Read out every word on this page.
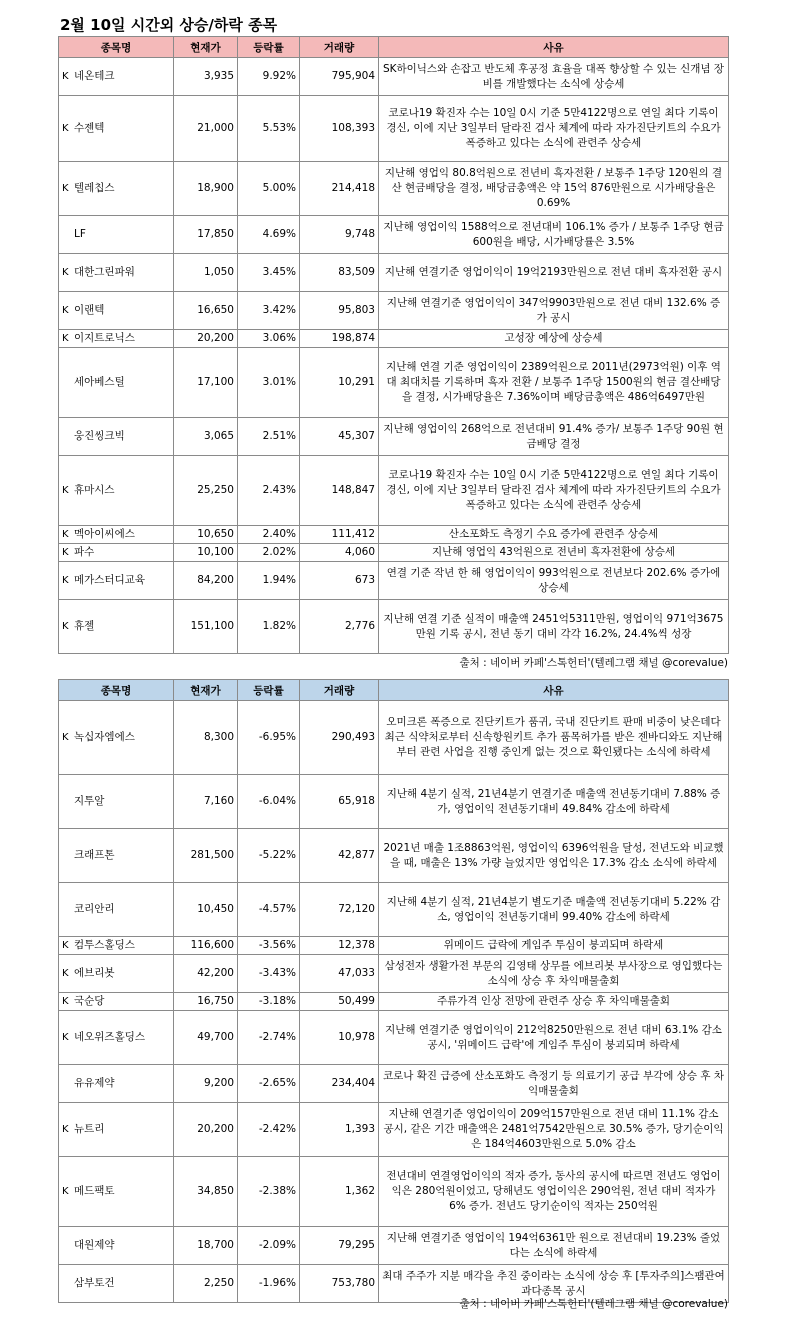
2월 10일 시간외 상승/하락 종목
종목명	현재가	등락률	거래량	사유
K 네온테크	3,935	9.92%	795,904	SK하이닉스와 손잡고 반도체 후공정 효율을 대폭 향상할 수 있는 신개념 장비를 개발했다는 소식에 상승세
K 수젠텍	21,000	5.53%	108,393	코로나19 확진자 수는 10일 0시 기준 5만4122명으로 연일 최다 기록이 경신, 이에 지난 3일부터 달라진 검사 체계에 따라 자가진단키트의 수요가 폭증하고 있다는 소식에 관련주 상승세
K 텔레칩스	18,900	5.00%	214,418	지난해 영업익 80.8억원으로 전년비 흑자전환 / 보통주 1주당 120원의 결산 현금배당을 결정, 배당금총액은 약 15억 876만원으로 시가배당율은 0.69%
LF	17,850	4.69%	9,748	지난해 영업이익 1588억으로 전년대비 106.1% 증가 / 보통주 1주당 현금 600원을 배당, 시가배당률은 3.5%
K 대한그린파워	1,050	3.45%	83,509	지난해 연결기준 영업이익이 19억2193만원으로 전년 대비 흑자전환 공시
K 이랜텍	16,650	3.42%	95,803	지난해 연결기준 영업이익이 347억9903만원으로 전년 대비 132.6% 증가 공시
K 이지트로닉스	20,200	3.06%	198,874	고성장 예상에 상승세
세아베스틸	17,100	3.01%	10,291	지난해 연결 기준 영업이익이 2389억원으로 2011년(2973억원) 이후 역대 최대치를 기록하며 흑자 전환 / 보통주 1주당 1500원의 현금 결산배당을 결정, 시가배당율은 7.36%이며 배당금총액은 486억6497만원
웅진씽크빅	3,065	2.51%	45,307	지난해 영업이익 268억으로 전년대비 91.4% 증가/ 보통주 1주당 90원 현금배당 결정
K 휴마시스	25,250	2.43%	148,847	코로나19 확진자 수는 10일 0시 기준 5만4122명으로 연일 최다 기록이 경신, 이에 지난 3일부터 달라진 검사 체계에 따라 자가진단키트의 수요가 폭증하고 있다는 소식에 관련주 상승세
K 멕아이씨에스	10,650	2.40%	111,412	산소포화도 측정기 수요 증가에 관련주 상승세
K 파수	10,100	2.02%	4,060	지난해 영업익 43억원으로 전년비 흑자전환에 상승세
K 메가스터디교육	84,200	1.94%	673	연결 기준 작년 한 해 영업이익이 993억원으로 전년보다 202.6% 증가에 상승세
K 휴젤	151,100	1.82%	2,776	지난해 연결 기준 실적이 매출액 2451억5311만원, 영업이익 971억3675만원 기록 공시, 전년 동기 대비 각각 16.2%, 24.4%씩 성장
출처 : 네이버 카페'스톡헌터'(텔레그램 채널 @corevalue)
종목명	현재가	등락률	거래량	사유
K 녹십자엠에스	8,300	-6.95%	290,493	오미크론 폭증으로 진단키트가 품귀, 국내 진단키트 판매 비중이 낮은데다 최근 식약처로부터 신속항원키트 추가 품목허가를 받은 젠바디와도 지난해부터 관련 사업을 진행 중인게 없는 것으로 확인됐다는 소식에 하락세
지투알	7,160	-6.04%	65,918	지난해 4분기 실적, 21년4분기 연결기준 매출액 전년동기대비 7.88% 증가, 영업이익 전년동기대비 49.84% 감소에 하락세
크래프톤	281,500	-5.22%	42,877	2021년 매출 1조8863억원, 영업이익 6396억원을 달성, 전년도와 비교했을 때, 매출은 13% 가량 늘었지만 영업익은 17.3% 감소 소식에 하락세
코리안리	10,450	-4.57%	72,120	지난해 4분기 실적, 21년4분기 별도기준 매출액 전년동기대비 5.22% 감소, 영업이익 전년동기대비 99.40% 감소에 하락세
K 컴투스홀딩스	116,600	-3.56%	12,378	위메이드 급락에 게임주 투심이 붕괴되며 하락세
K 에브리봇	42,200	-3.43%	47,033	삼성전자 생활가전 부문의 김영태 상무를 에브리봇 부사장으로 영입했다는 소식에 상승 후 차익매물출회
K 국순당	16,750	-3.18%	50,499	주류가격 인상 전망에 관련주 상승 후 차익매물출회
K 네오위즈홀딩스	49,700	-2.74%	10,978	지난해 연결기준 영업이익이 212억8250만원으로 전년 대비 63.1% 감소 공시, '위메이드 급락'에 게임주 투심이 붕괴되며 하락세
유유제약	9,200	-2.65%	234,404	코로나 확진 급증에 산소포화도 측정기 등 의료기기 공급 부각에 상승 후 차익매물출회
K 뉴트리	20,200	-2.42%	1,393	지난해 연결기준 영업이익이 209억157만원으로 전년 대비 11.1% 감소 공시, 같은 기간 매출액은 2481억7542만원으로 30.5% 증가, 당기순이익은 184억4603만원으로 5.0% 감소
K 메드팩토	34,850	-2.38%	1,362	전년대비 연결영업이익의 적자 증가, 동사의 공시에 따르면 전년도 영업이익은 280억원이었고, 당해년도 영업이익은 290억원, 전년 대비 적자가 6% 증가. 전년도 당기순이익 적자는 250억원
대원제약	18,700	-2.09%	79,295	지난해 연결기준 영업이익 194억6361만 원으로 전년대비 19.23% 줄었다는 소식에 하락세
삼부토건	2,250	-1.96%	753,780	최대 주주가 지분 매각을 추진 중이라는 소식에 상승 후 [투자주의]스팸관여과다종목 공시
출처 : 네이버 카페'스톡헌터'(텔레그램 채널 @corevalue)
